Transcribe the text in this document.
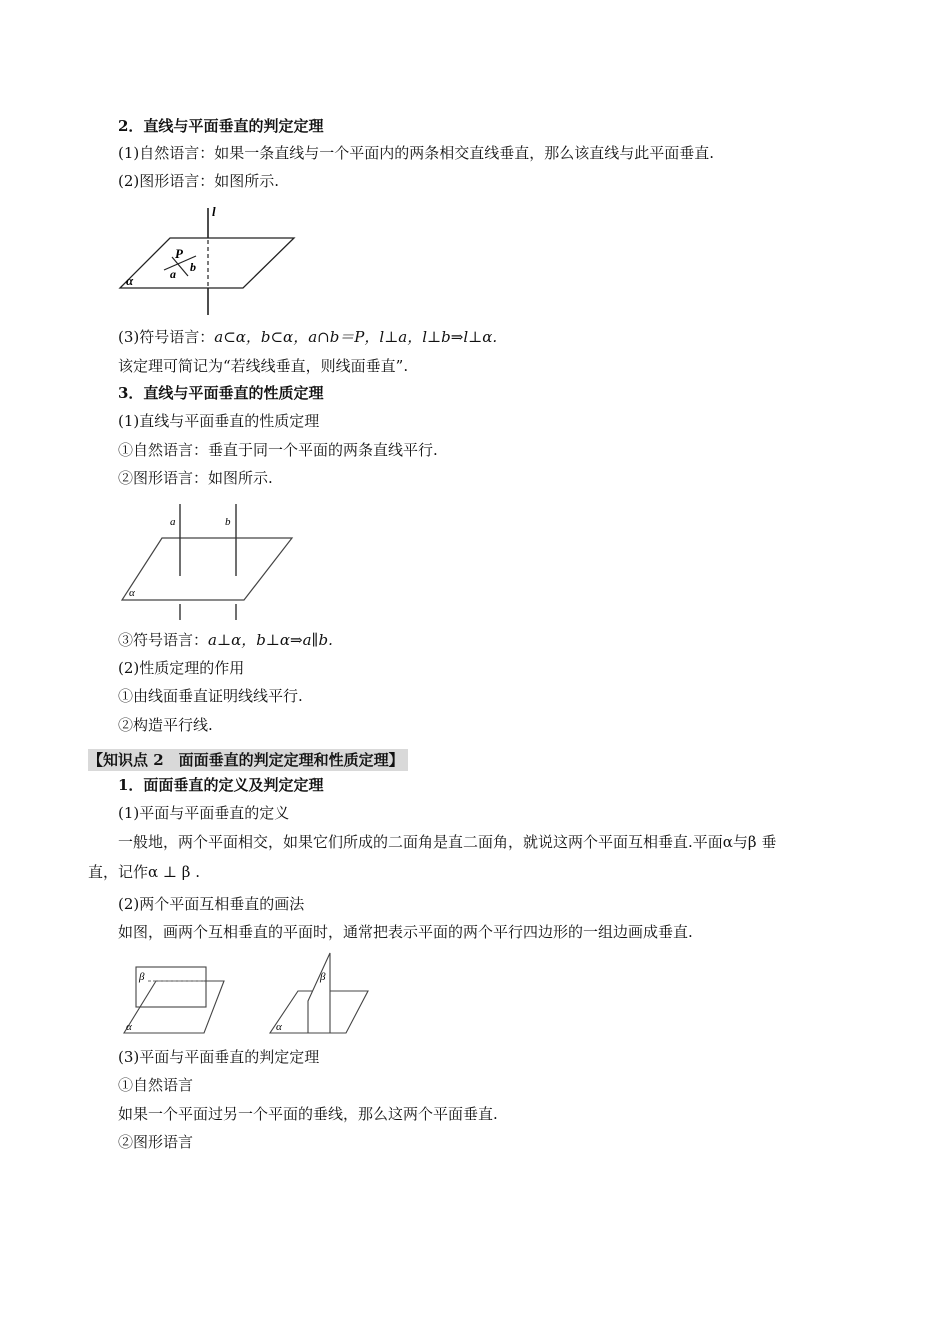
2．直线与平面垂直的判定定理
(1)自然语言：如果一条直线与一个平面内的两条相交直线垂直，那么该直线与此平面垂直.
(2)图形语言：如图所示.
l
P
a b
α
(3)符号语言：a⊂α，b⊂α，a∩b＝P，l⊥a，l⊥b⇒l⊥α.
该定理可简记为“若线线垂直，则线面垂直”.
3．直线与平面垂直的性质定理
(1)直线与平面垂直的性质定理
①自然语言：垂直于同一个平面的两条直线平行.
②图形语言：如图所示.
a	b
α
③符号语言：a⊥α，b⊥α⇒a∥b.
(2)性质定理的作用
①由线面垂直证明线线平行.
②构造平行线.
【知识点 2　面面垂直的判定定理和性质定理】
1．面面垂直的定义及判定定理
(1)平面与平面垂直的定义
一般地，两个平面相交，如果它们所成的二面角是直二面角，就说这两个平面互相垂直.平面α与β 垂
直，记作α ⊥ β .
(2)两个平面互相垂直的画法
如图，画两个互相垂直的平面时，通常把表示平面的两个平行四边形的一组边画成垂直.
β
α
β
α
(3)平面与平面垂直的判定定理
①自然语言
如果一个平面过另一个平面的垂线，那么这两个平面垂直.
②图形语言
